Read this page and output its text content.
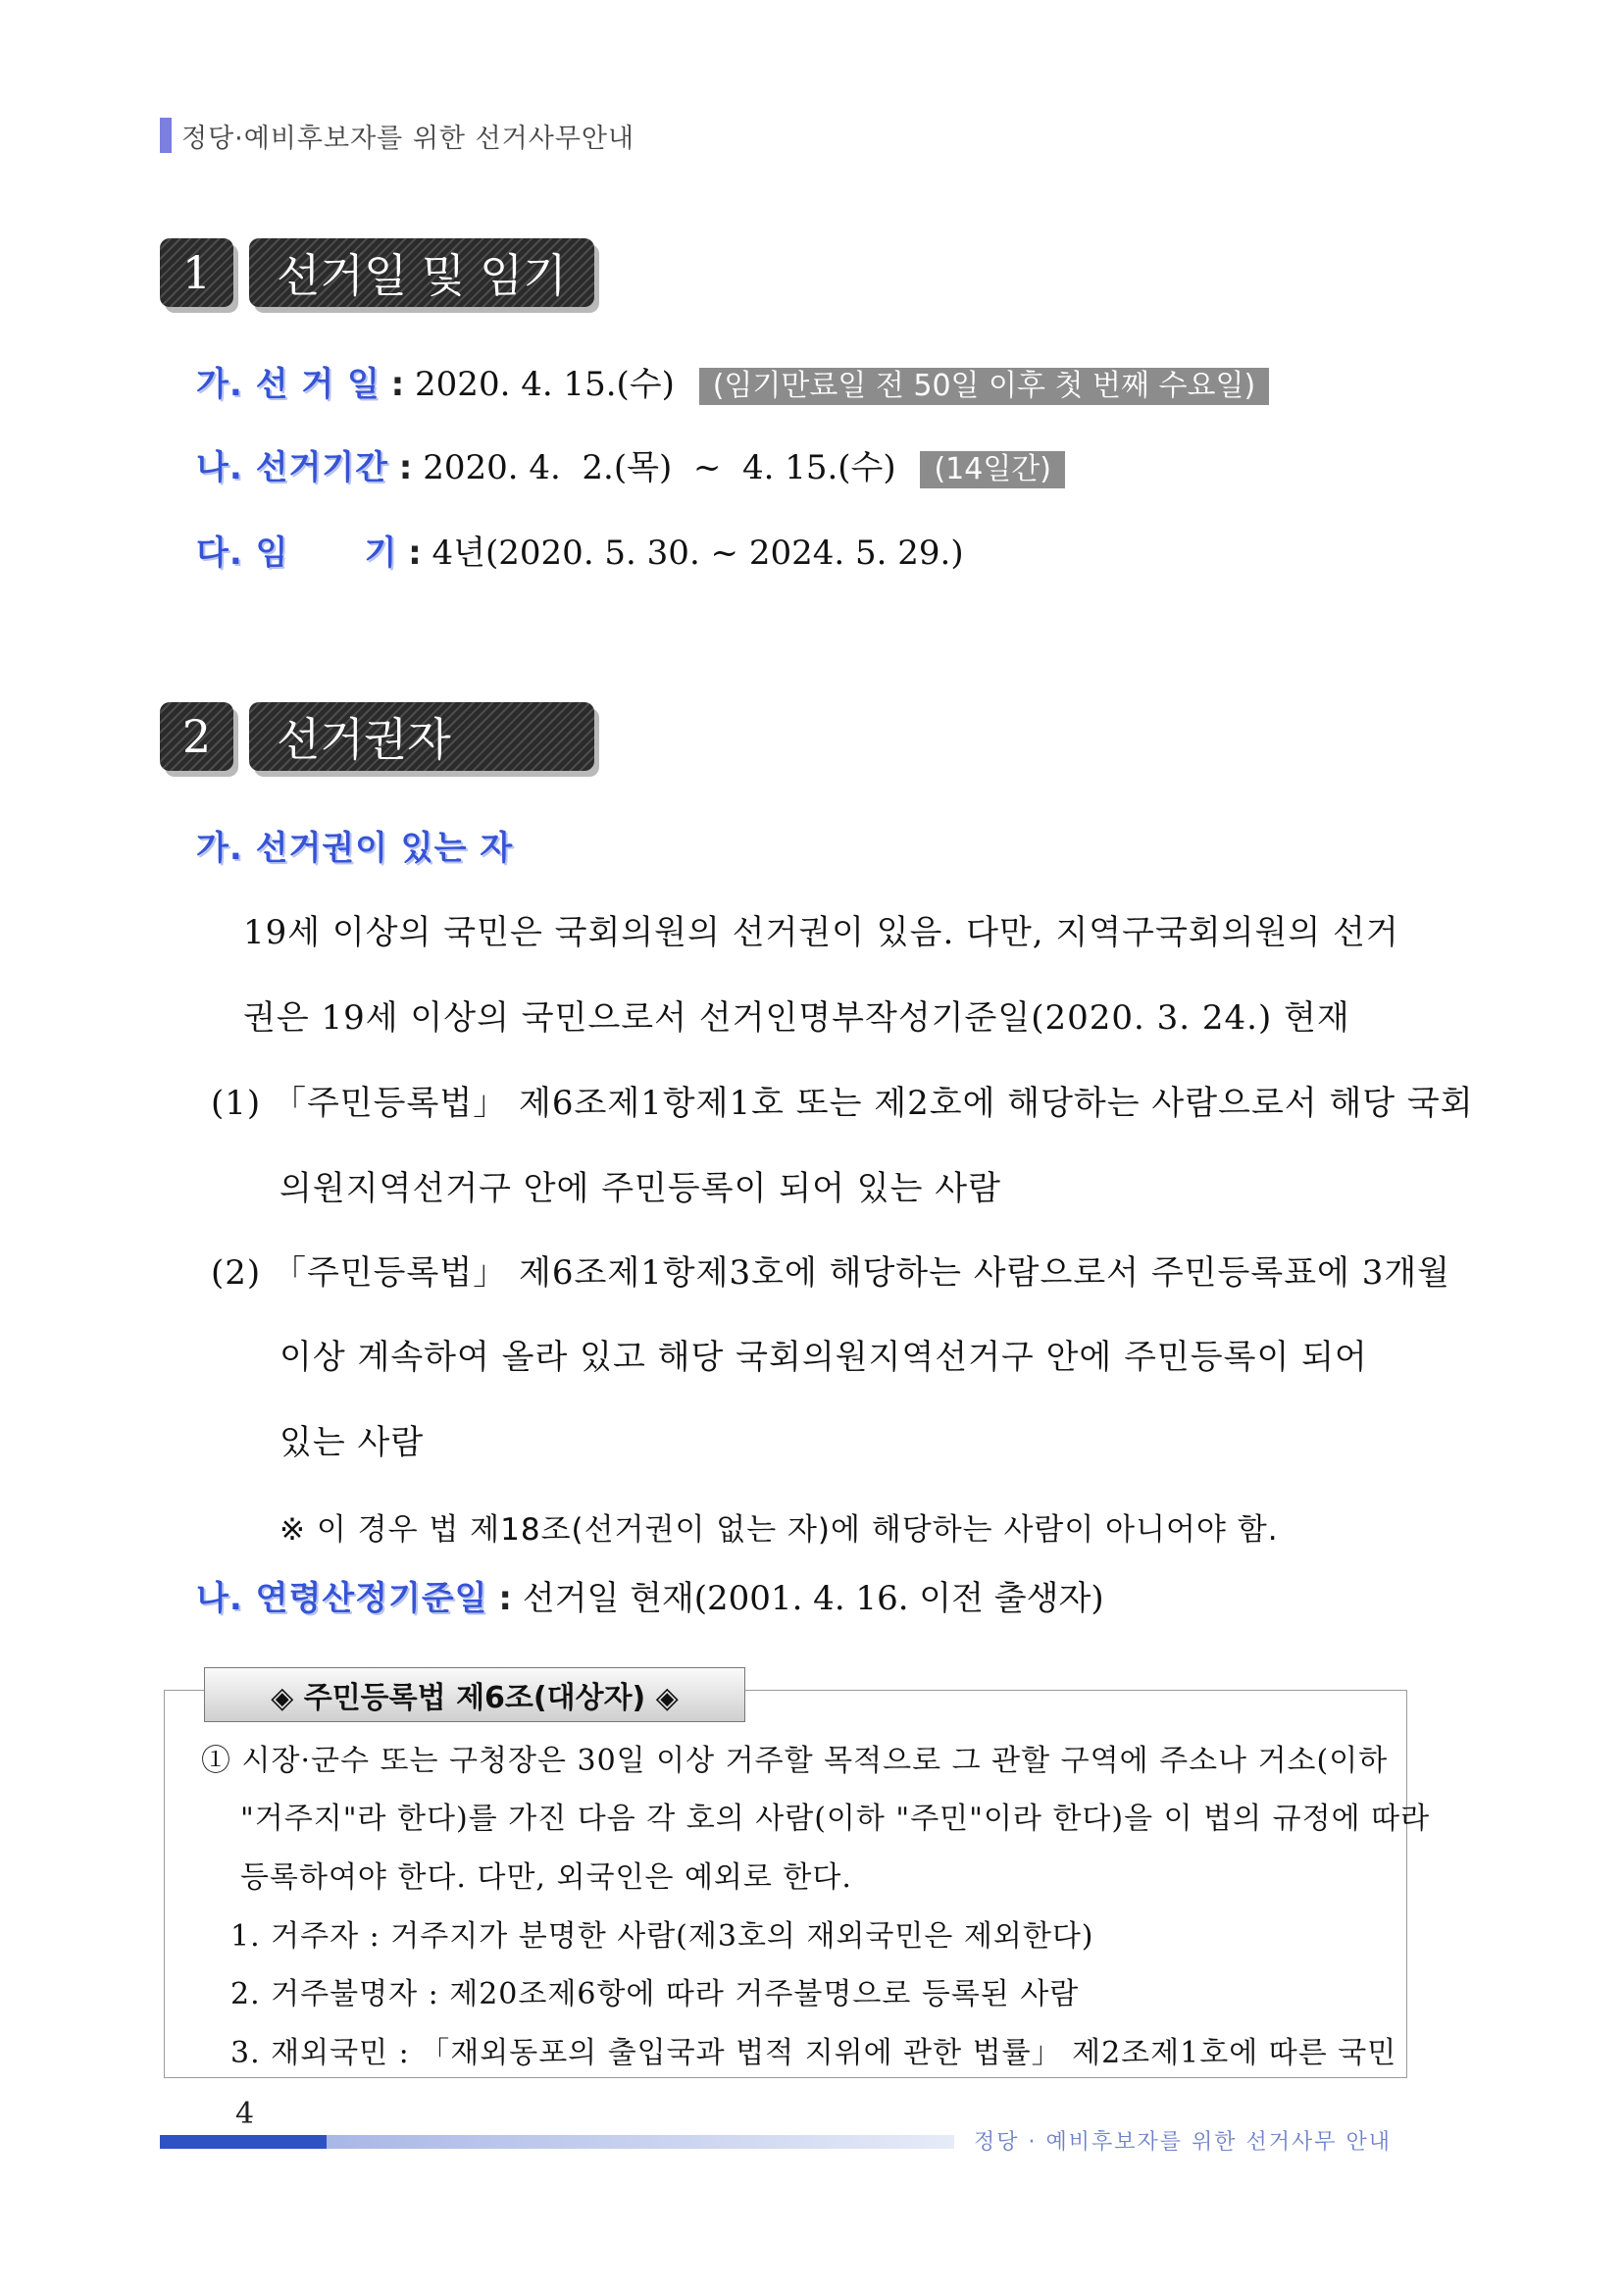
정당·예비후보자를 위한 선거사무안내
1	선거일 및 임기
가. 선 거 일 : 2020. 4. 15.(수) (임기만료일 전 50일 이후 첫 번째 수요일)
나. 선거기간 : 2020. 4.  2.(목)  ~  4. 15.(수) (14일간)
다. 임      기 : 4년(2020. 5. 30. ~ 2024. 5. 29.)
2	선거권자
가. 선거권이 있는 자
19세 이상의 국민은 국회의원의 선거권이 있음. 다만, 지역구국회의원의 선거
권은 19세 이상의 국민으로서 선거인명부작성기준일(2020. 3. 24.) 현재
(1) 「주민등록법」 제6조제1항제1호 또는 제2호에 해당하는 사람으로서 해당 국회
의원지역선거구 안에 주민등록이 되어 있는 사람
(2) 「주민등록법」 제6조제1항제3호에 해당하는 사람으로서 주민등록표에 3개월
이상 계속하여 올라 있고 해당 국회의원지역선거구 안에 주민등록이 되어
있는 사람
※ 이 경우 법 제18조(선거권이 없는 자)에 해당하는 사람이 아니어야 함.
나. 연령산정기준일 : 선거일 현재(2001. 4. 16. 이전 출생자)
◈ 주민등록법 제6조(대상자) ◈
① 시장·군수 또는 구청장은 30일 이상 거주할 목적으로 그 관할 구역에 주소나 거소(이하
"거주지"라 한다)를 가진 다음 각 호의 사람(이하 "주민"이라 한다)을 이 법의 규정에 따라
등록하여야 한다. 다만, 외국인은 예외로 한다.
1. 거주자 : 거주지가 분명한 사람(제3호의 재외국민은 제외한다)
2. 거주불명자 : 제20조제6항에 따라 거주불명으로 등록된 사람
3. 재외국민 : 「재외동포의 출입국과 법적 지위에 관한 법률」 제2조제1호에 따른 국민
4
정당 · 예비후보자를 위한 선거사무 안내
